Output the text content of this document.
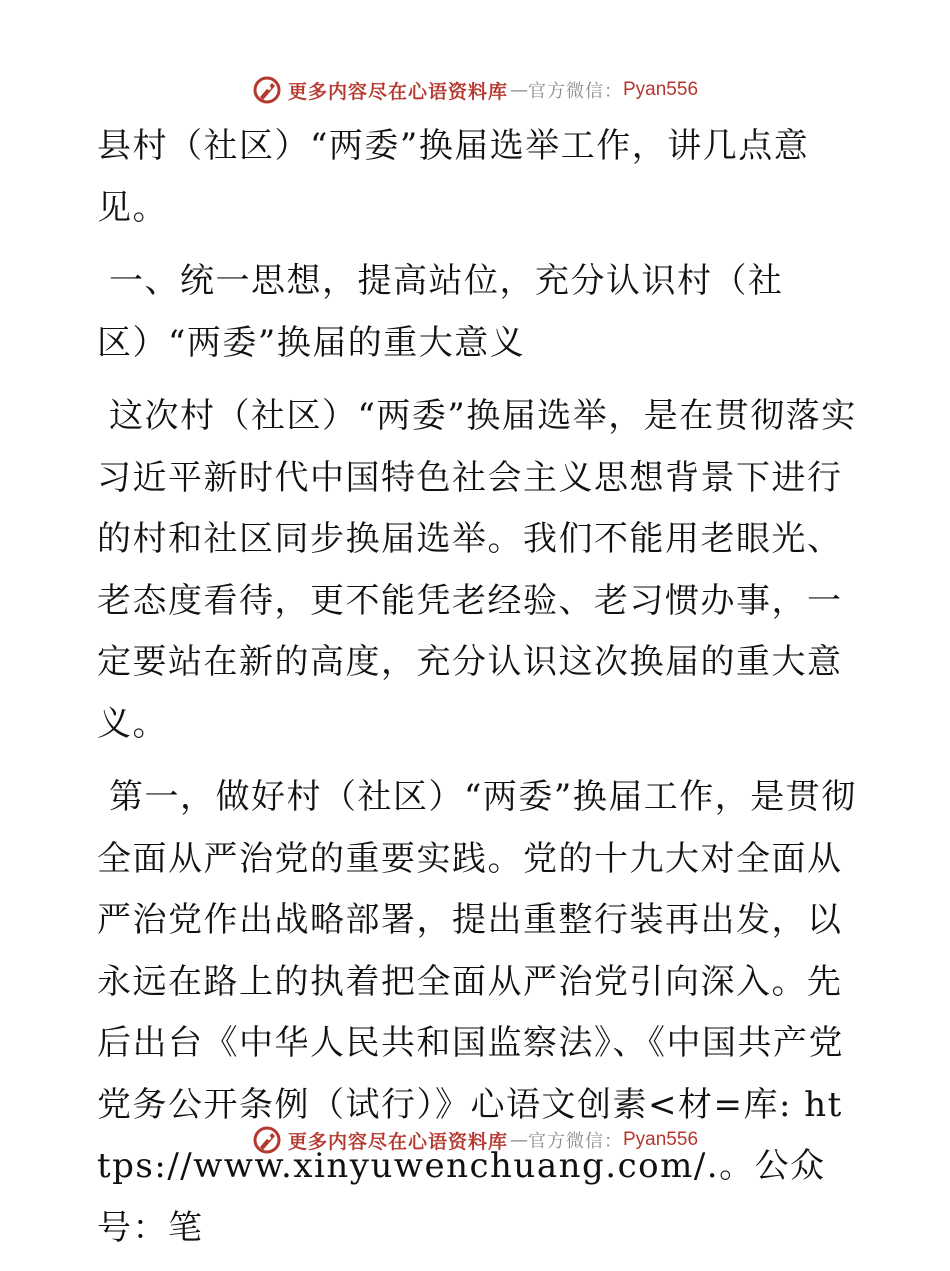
更多内容尽在心语资料库 — 官方微信： Pyan556

县村（社区）“两委”换届选举工作，讲几点意见。

一、统一思想，提高站位，充分认识村（社区）“两委”换届的重大意义

这次村（社区）“两委”换届选举，是在贯彻落实习近平新时代中国特色社会主义思想背景下进行的村和社区同步换届选举。我们不能用老眼光、老态度看待，更不能凭老经验、老习惯办事，一定要站在新的高度，充分认识这次换届的重大意义。

第一，做好村（社区）“两委”换届工作，是贯彻全面从严治党的重要实践。党的十九大对全面从严治党作出战略部署，提出重整行装再出发，以永远在路上的执着把全面从严治党引向深入。先后出台《中华人民共和国监察法》、《中国共产党党务公开条例（试行）》心语文创素<材=库: https://www.xinyuwenchuang.com/.。公众号：笔

更多内容尽在心语资料库 — 官方微信： Pyan556
